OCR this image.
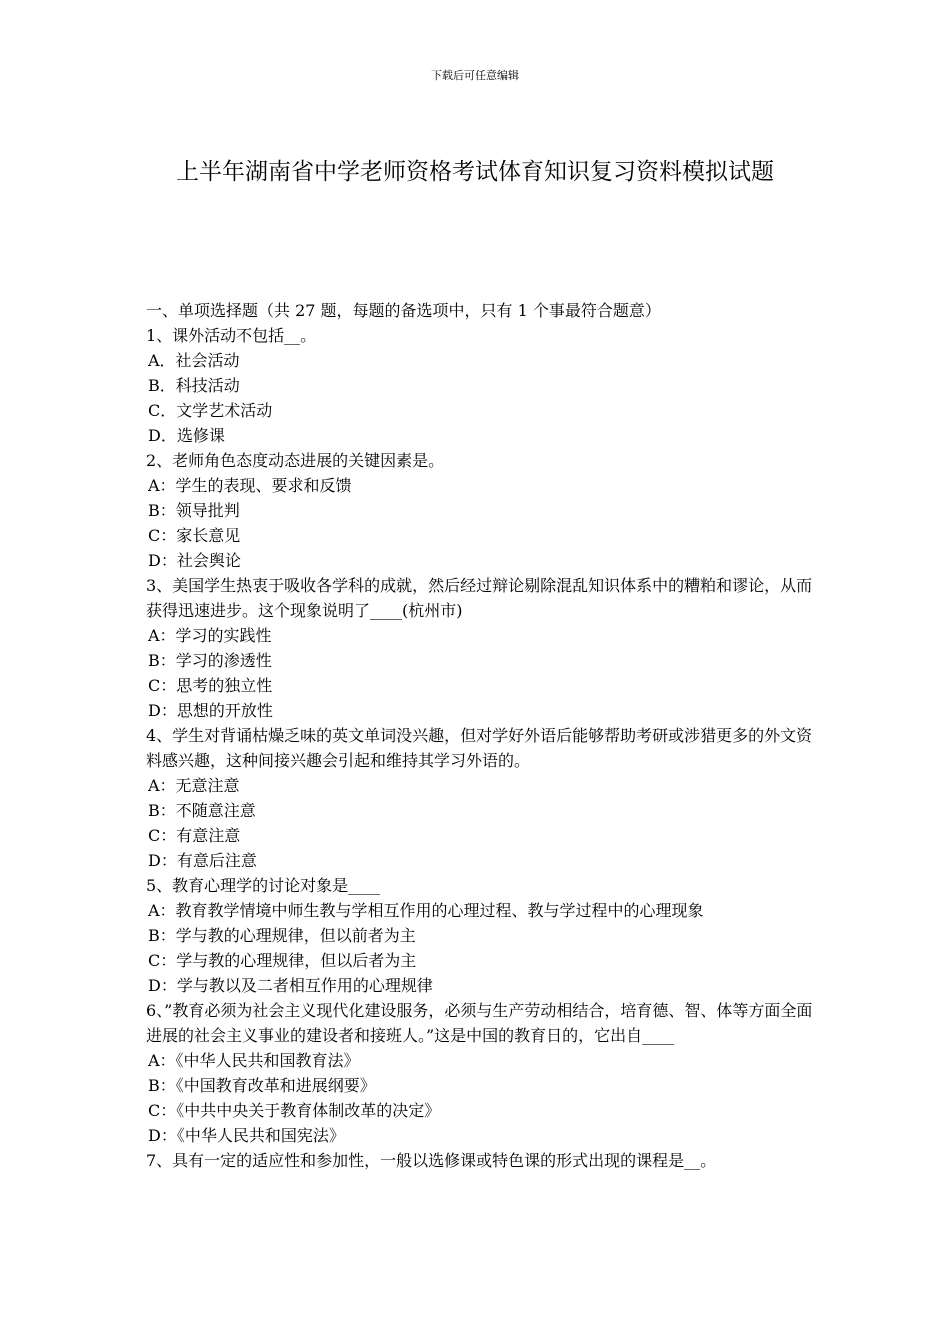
下载后可任意编辑
上半年湖南省中学老师资格考试体育知识复习资料模拟试题
一、单项选择题（共 27 题，每题的备选项中，只有 1 个事最符合题意）
1、课外活动不包括__。
A．社会活动
B．科技活动
C．文学艺术活动
D．选修课
2、老师角色态度动态进展的关键因素是。
A：学生的表现、要求和反馈
B：领导批判
C：家长意见
D：社会舆论
3、美国学生热衷于吸收各学科的成就，然后经过辩论剔除混乱知识体系中的糟粕和谬论，从而获得迅速进步。这个现象说明了____(杭州市)
A：学习的实践性
B：学习的渗透性
C：思考的独立性
D：思想的开放性
4、学生对背诵枯燥乏味的英文单词没兴趣，但对学好外语后能够帮助考研或涉猎更多的外文资料感兴趣，这种间接兴趣会引起和维持其学习外语的。
A：无意注意
B：不随意注意
C：有意注意
D：有意后注意
5、教育心理学的讨论对象是____
A：教育教学情境中师生教与学相互作用的心理过程、教与学过程中的心理现象
B：学与教的心理规律，但以前者为主
C：学与教的心理规律，但以后者为主
D：学与教以及二者相互作用的心理规律
6、”教育必须为社会主义现代化建设服务，必须与生产劳动相结合，培育德、智、体等方面全面进展的社会主义事业的建设者和接班人。”这是中国的教育日的，它出自____
A：《中华人民共和国教育法》
B：《中国教育改革和进展纲要》
C：《中共中央关于教育体制改革的决定》
D：《中华人民共和国宪法》
7、具有一定的适应性和参加性，一般以选修课或特色课的形式出现的课程是__。
